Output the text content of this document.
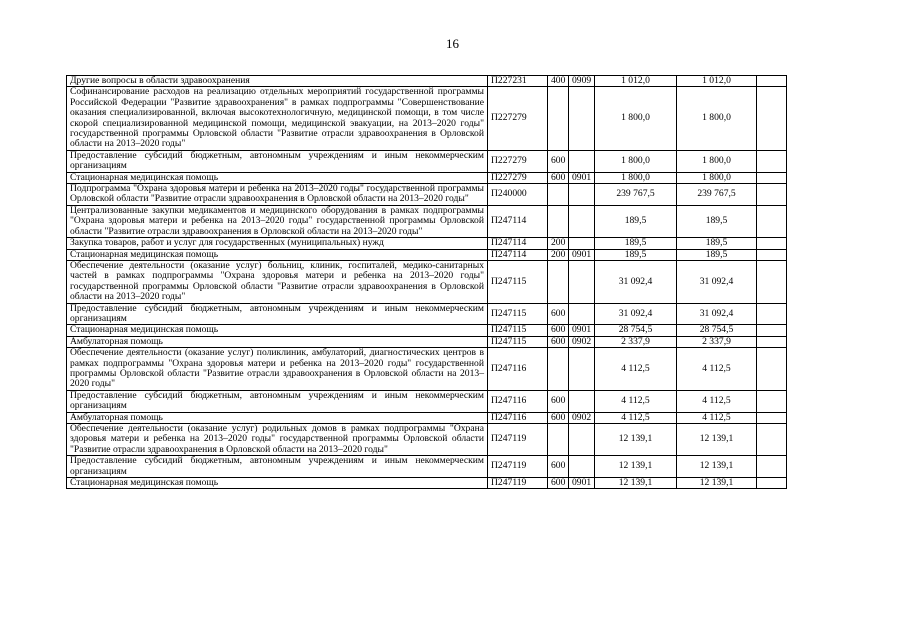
16
Другие вопросы в области здравоохранения	П227231	400	0909	1 012,0	1 012,0	
Софинансирование расходов на реализацию отдельных мероприятий государственной программы Российской Федерации "Развитие здравоохранения" в рамках подпрограммы "Совершенствование оказания специализированной, включая высокотехнологичную, медицинской помощи, в том числе скорой специализированной медицинской помощи, медицинской эвакуации, на 2013–2020 годы" государственной программы Орловской области "Развитие отрасли здравоохранения в Орловской области на 2013–2020 годы"	П227279			1 800,0	1 800,0	
Предоставление субсидий бюджетным, автономным учреждениям и иным некоммерческим организациям	П227279	600		1 800,0	1 800,0	
Стационарная медицинская помощь	П227279	600	0901	1 800,0	1 800,0	
Подпрограмма "Охрана здоровья матери и ребенка на 2013–2020 годы" государственной программы Орловской области "Развитие отрасли здравоохранения в Орловской области на 2013–2020 годы"	П240000			239 767,5	239 767,5	
Централизованные закупки медикаментов и медицинского оборудования в рамках подпрограммы "Охрана здоровья матери и ребенка на 2013–2020 годы" государственной программы Орловской области "Развитие отрасли здравоохранения в Орловской области на 2013–2020 годы"	П247114			189,5	189,5	
Закупка товаров, работ и услуг для государственных (муниципальных) нужд	П247114	200		189,5	189,5	
Стационарная медицинская помощь	П247114	200	0901	189,5	189,5	
Обеспечение деятельности (оказание услуг) больниц, клиник, госпиталей, медико-санитарных частей в рамках подпрограммы "Охрана здоровья матери и ребенка на 2013–2020 годы" государственной программы Орловской области "Развитие отрасли здравоохранения в Орловской области на 2013–2020 годы"	П247115			31 092,4	31 092,4	
Предоставление субсидий бюджетным, автономным учреждениям и иным некоммерческим организациям	П247115	600		31 092,4	31 092,4	
Стационарная медицинская помощь	П247115	600	0901	28 754,5	28 754,5	
Амбулаторная помощь	П247115	600	0902	2 337,9	2 337,9	
Обеспечение деятельности (оказание услуг) поликлиник, амбулаторий, диагностических центров в рамках подпрограммы "Охрана здоровья матери и ребенка на 2013–2020 годы" государственной программы Орловской области "Развитие отрасли здравоохранения в Орловской области на 2013–2020 годы"	П247116			4 112,5	4 112,5	
Предоставление субсидий бюджетным, автономным учреждениям и иным некоммерческим организациям	П247116	600		4 112,5	4 112,5	
Амбулаторная помощь	П247116	600	0902	4 112,5	4 112,5	
Обеспечение деятельности (оказание услуг) родильных домов в рамках подпрограммы "Охрана здоровья матери и ребенка на 2013–2020 годы" государственной программы Орловской области "Развитие отрасли здравоохранения в Орловской области на 2013–2020 годы"	П247119			12 139,1	12 139,1	
Предоставление субсидий бюджетным, автономным учреждениям и иным некоммерческим организациям	П247119	600		12 139,1	12 139,1	
Стационарная медицинская помощь	П247119	600	0901	12 139,1	12 139,1	
